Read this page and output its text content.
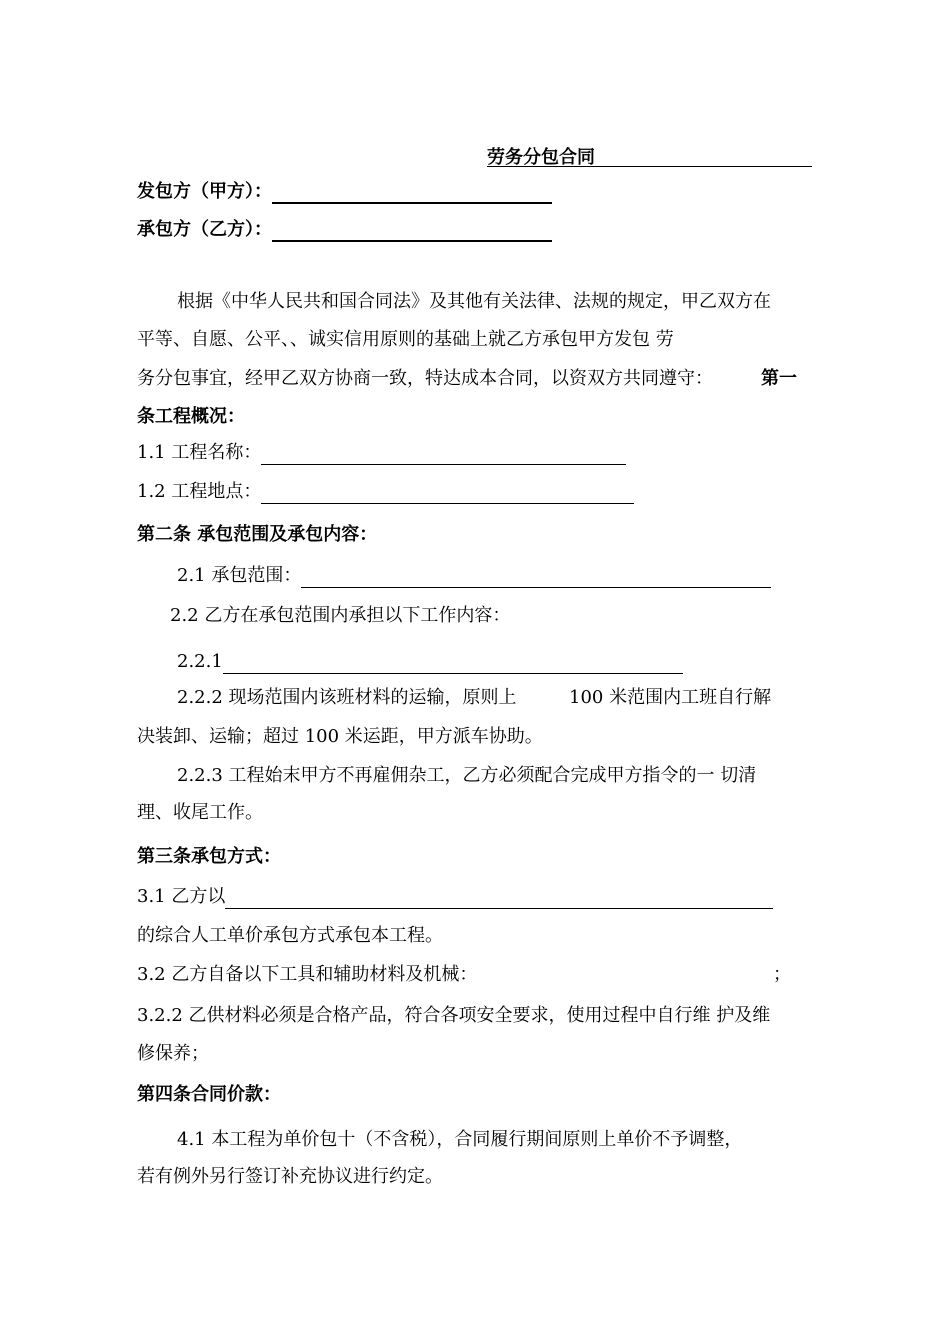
劳务分包合同
发包方（甲方）：
承包方（乙方）：

根据《中华人民共和国合同法》及其他有关法律、法规的规定，甲乙双方在

平等、自愿、公平、、诚实信用原则的基础上就乙方承包甲方发包 劳

务分包事宜，经甲乙双方协商一致，特达成本合同，以资双方共同遵守：	第一
条工程概况：
1.1 工程名称：
1.2 工程地点：
第二条 承包范围及承包内容：
2.1 承包范围：

2.2 乙方在承包范围内承担以下工作内容：

2.2.1

2.2.2 现场范围内该班材料的运输，原则上	100 米范围内工班自行解

决装卸、运输；超过 100 米运距，甲方派车协助。

2.2.3 工程始末甲方不再雇佣杂工，乙方必须配合完成甲方指令的一 切清

理、收尾工作。

第三条承包方式：
3.1 乙方以

的综合人工单价承包方式承包本工程。

3.2 乙方自备以下工具和辅助材料及机械：	；

3.2.2 乙供材料必须是合格产品，符合各项安全要求，使用过程中自行维 护及维

修保养；

第四条合同价款：

4.1 本工程为单价包十（不含税），合同履行期间原则上单价不予调整，

若有例外另行签订补充协议进行约定。
